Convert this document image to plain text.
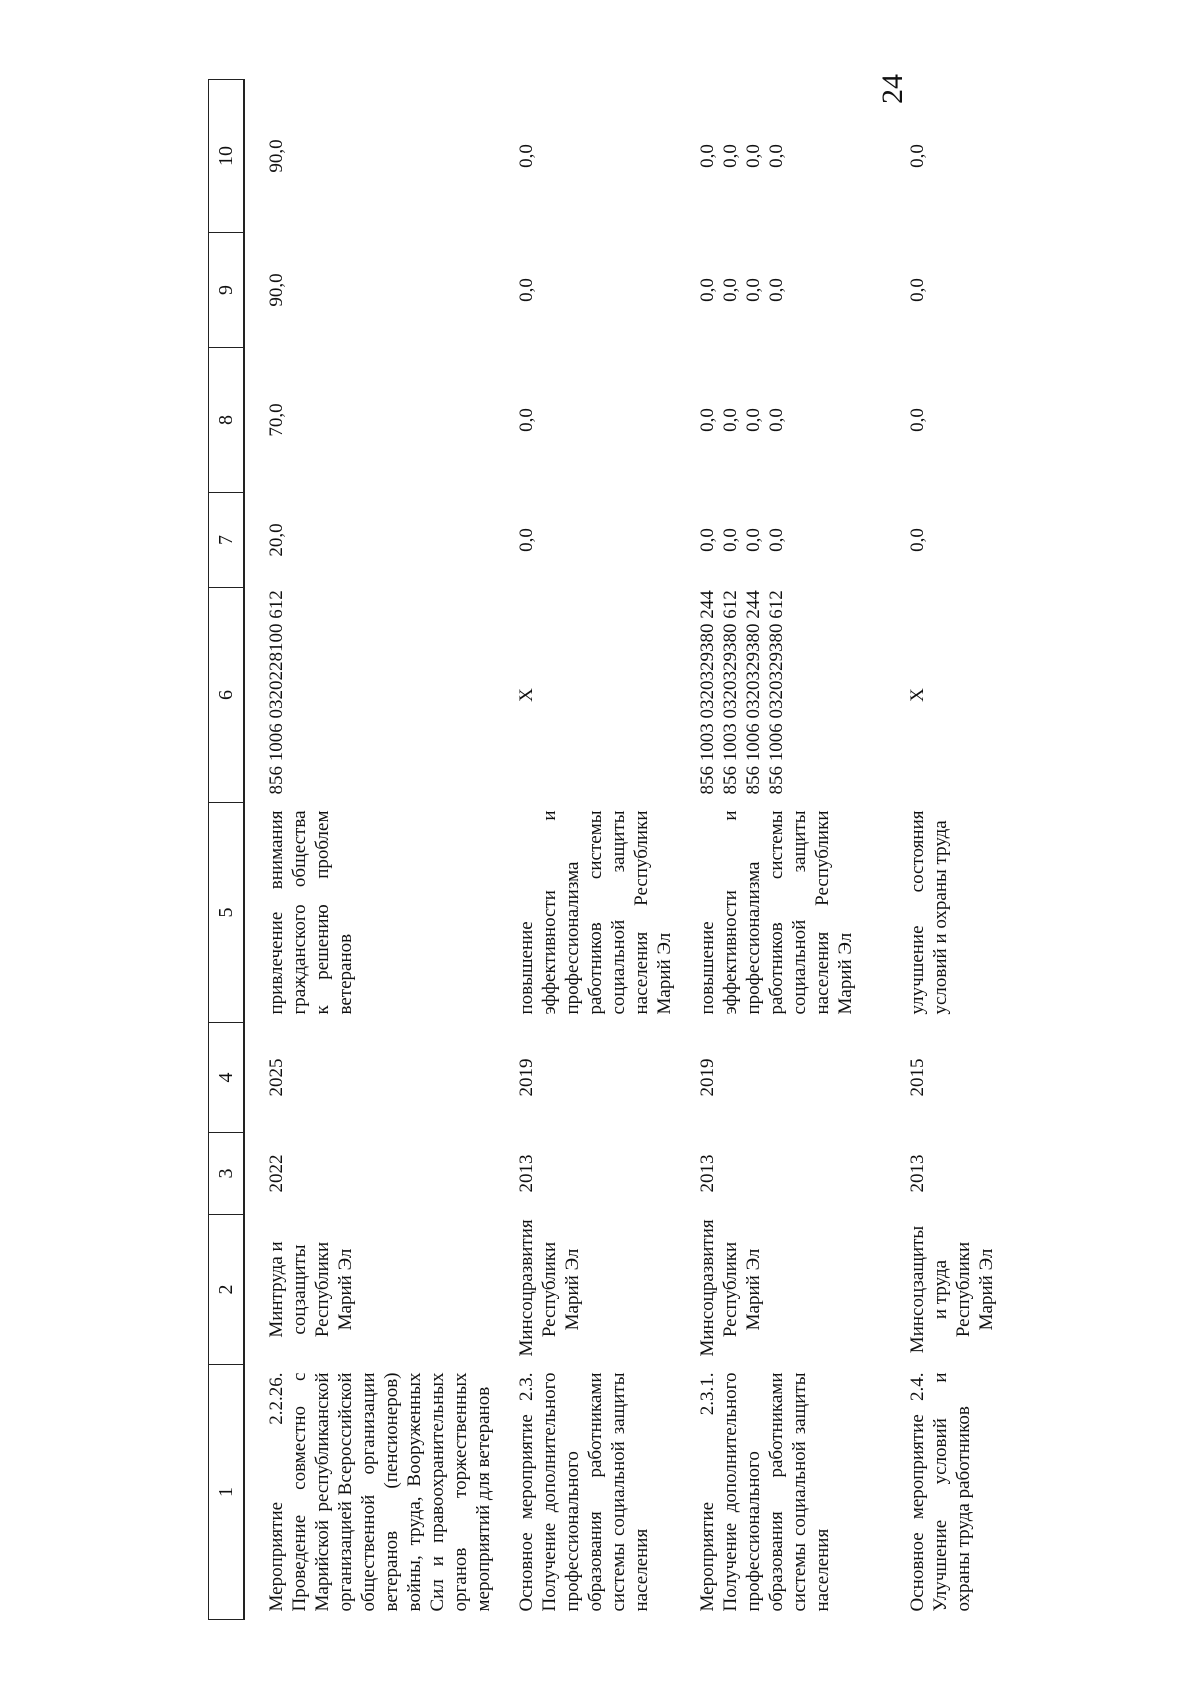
24
1	2	3	4	5	6	7	8	9	10
Мероприятие 2.2.26. Проведение совместно с Марийской республиканской организацией Всероссийской общественной организации ветеранов (пенсионеров) войны, труда, Вооруженных Сил и правоохранительных органов торжественных мероприятий для ветеранов	Минтруда и соцзащиты Республики Марий Эл	2022	2025	привлечение внимания гражданского общества к решению проблем ветеранов	856 1006 0320228100 612	20,0	70,0	90,0	90,0

Основное мероприятие 2.3. Получение дополнительного профессионального образования работниками системы социальной защиты населения	Минсоцразвития Республики Марий Эл	2013	2019	повышение эффективности и профессионализма работников системы социальной защиты населения Республики Марий Эл	Х	0,0	0,0	0,0	0,0

Мероприятие 2.3.1. Получение дополнительного профессионального образования работниками системы социальной защиты населения	Минсоцразвития Республики Марий Эл	2013	2019	повышение эффективности и профессионализма работников системы социальной защиты населения Республики Марий Эл	856 1003 0320329380 244 856 1003 0320329380 612 856 1006 0320329380 244 856 1006 0320329380 612	0,0 0,0 0,0 0,0	0,0 0,0 0,0 0,0	0,0 0,0 0,0 0,0	0,0 0,0 0,0 0,0

Основное мероприятие 2.4. Улучшение условий и охраны труда работников	Минсоцзащиты и труда Республики Марий Эл	2013	2015	улучшение состояния условий и охраны труда	Х	0,0	0,0	0,0	0,0
